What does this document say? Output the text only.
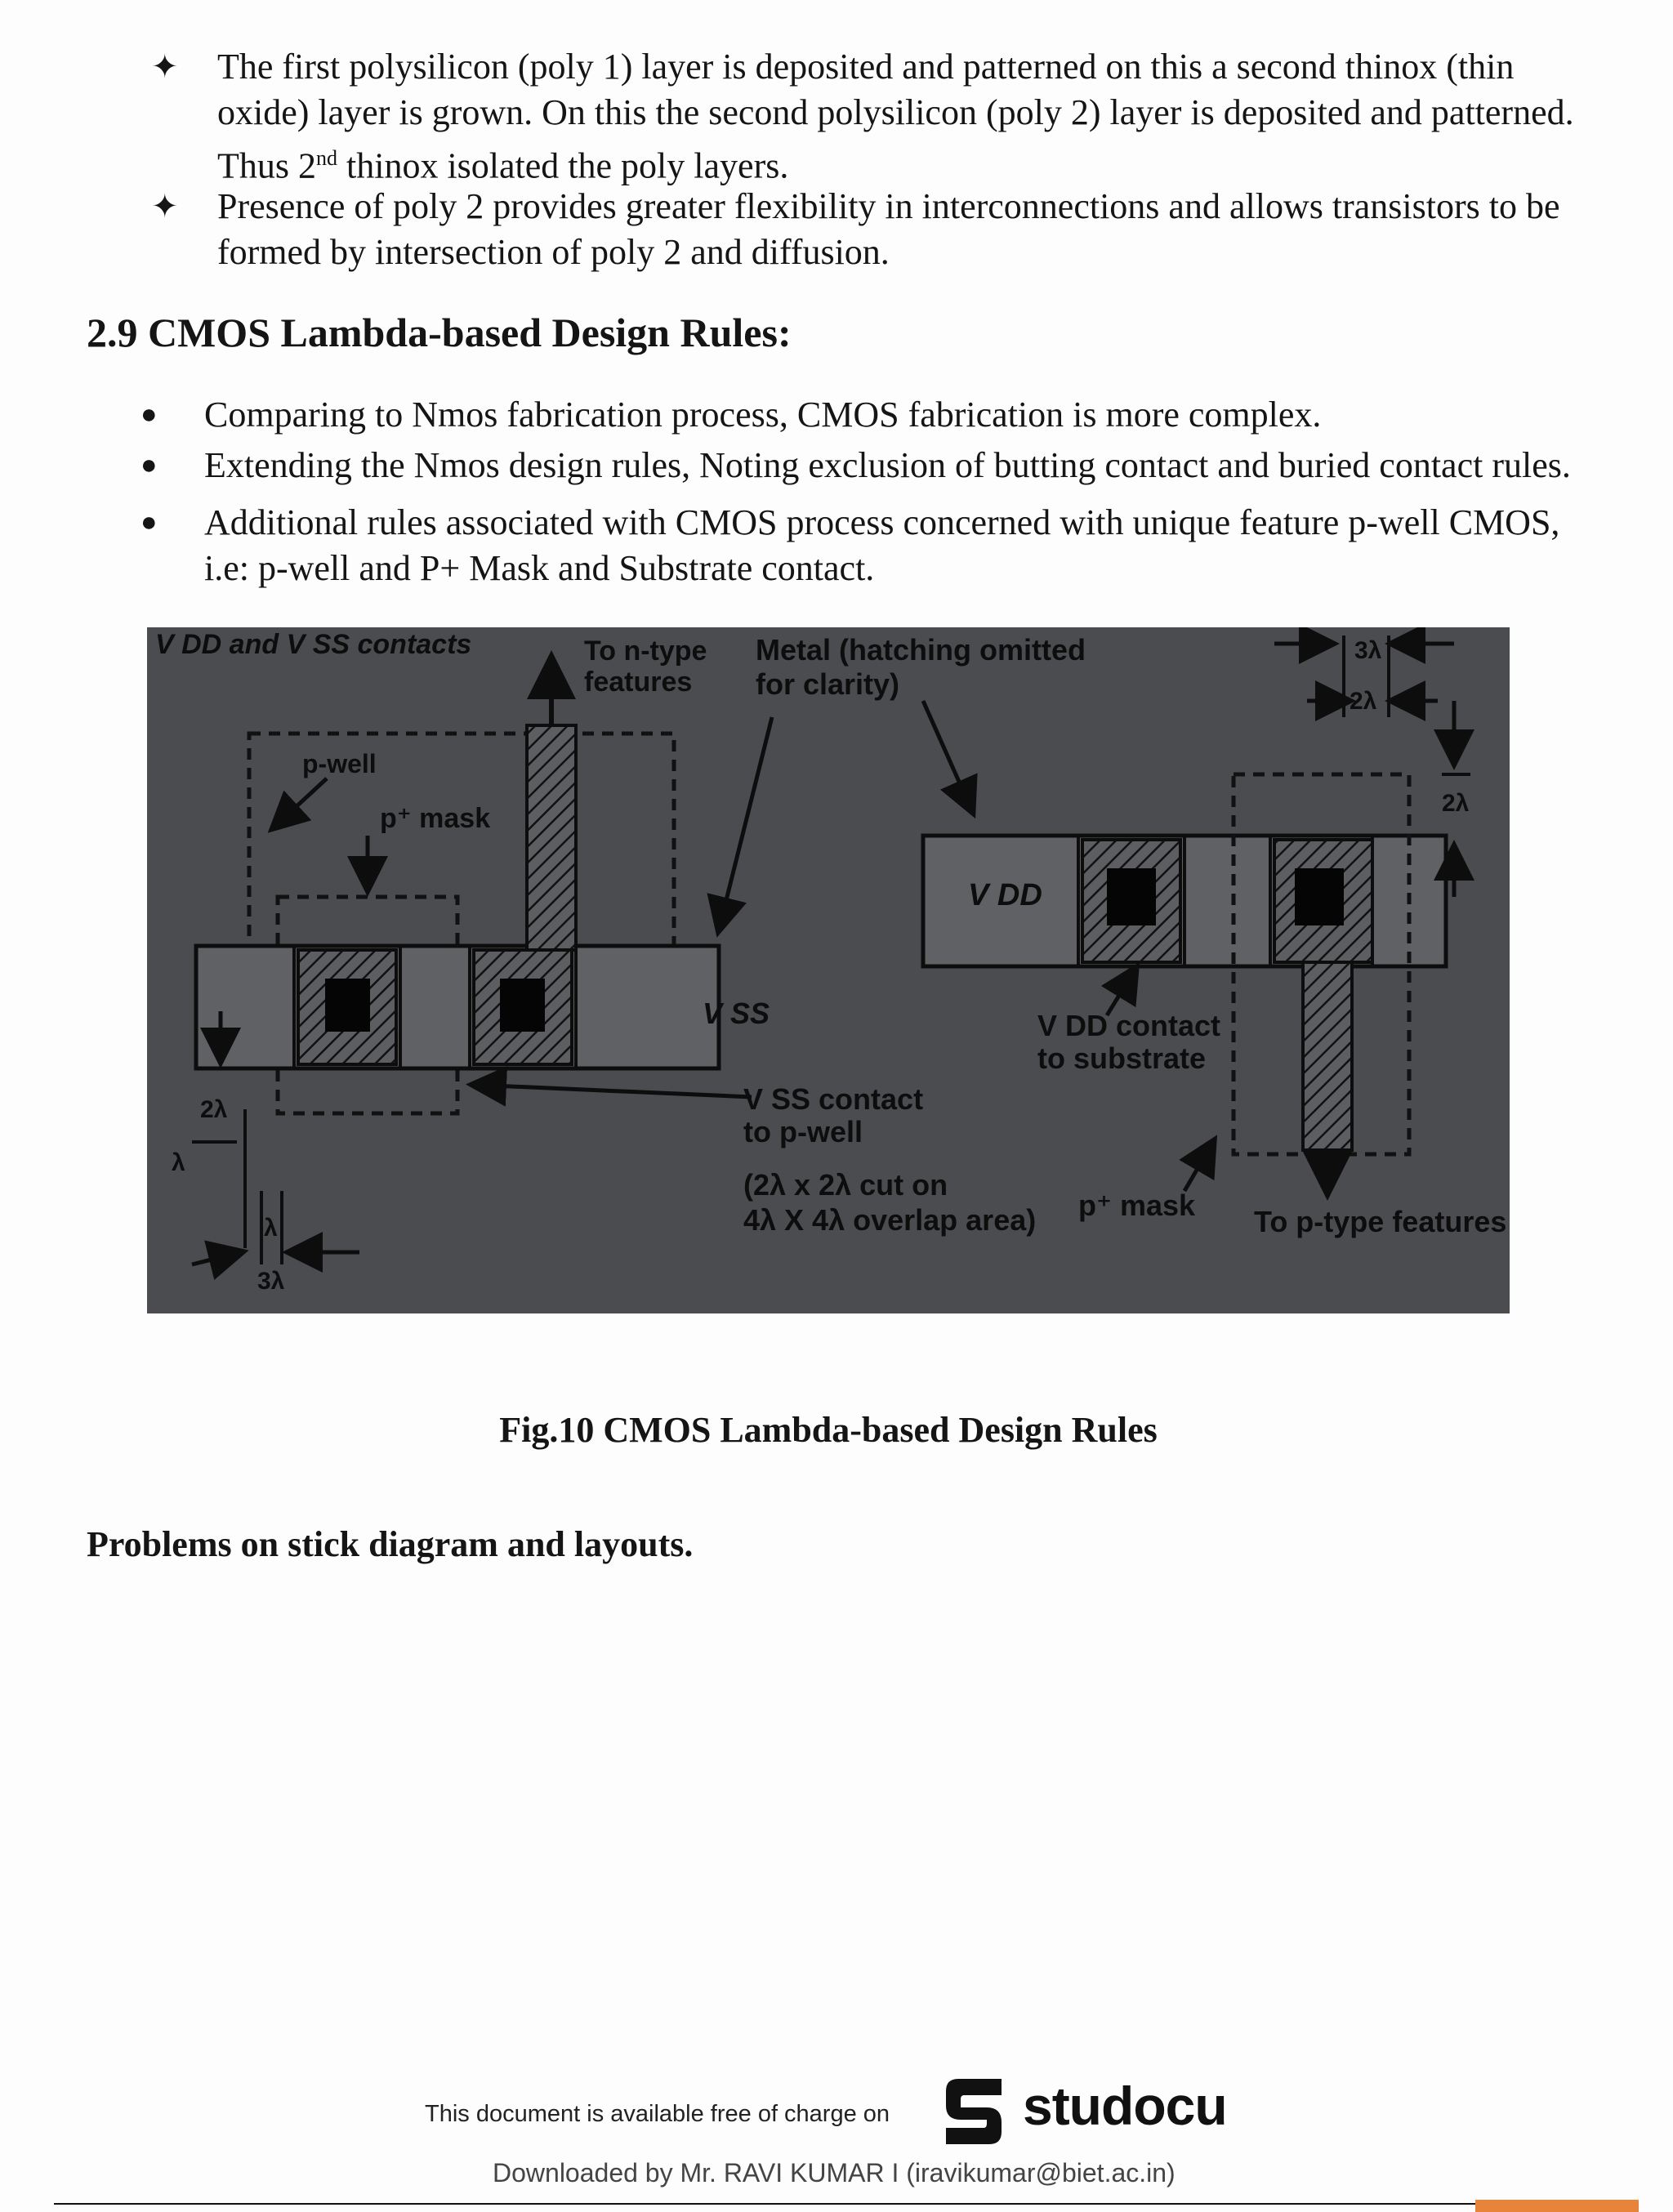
✦ The first polysilicon (poly 1) layer is deposited and patterned on this a second thinox (thin
oxide) layer is grown. On this the second polysilicon (poly 2) layer is deposited and patterned.
Thus 2nd thinox isolated the poly layers.
✦ Presence of poly 2 provides greater flexibility in interconnections and allows transistors to be
formed by intersection of poly 2 and diffusion.
2.9 CMOS Lambda-based Design Rules:
● Comparing to Nmos fabrication process, CMOS fabrication is more complex.
● Extending the Nmos design rules, Noting exclusion of butting contact and buried contact rules.
● Additional rules associated with CMOS process concerned with unique feature p-well CMOS,
i.e: p-well and P+ Mask and Substrate contact.
V DD and V SS contacts	To n-type
features
Metal (hatching omitted
for clarity)
p-well
p⁺ mask
V SS
V DD
V DD contact
to substrate
V SS contact
to p-well
(2λ x 2λ cut on
4λ X 4λ overlap area) p⁺ mask To p-type features
3λ
2λ
2λ
2λ
λ
λ
3λ
Fig.10 CMOS Lambda-based Design Rules
Problems on stick diagram and layouts.
This document is available free of charge on studocu
Downloaded by Mr. RAVI KUMAR I (iravikumar@biet.ac.in)
